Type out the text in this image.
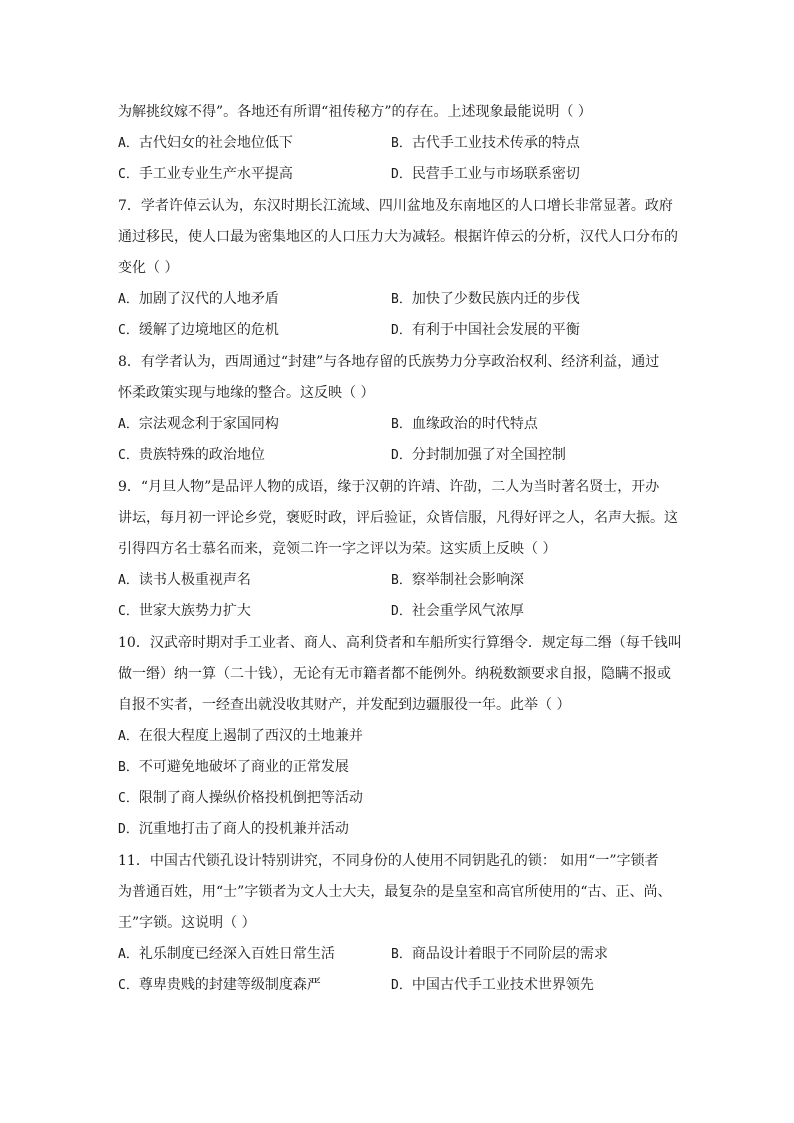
为解挑纹嫁不得”。各地还有所谓“祖传秘方”的存在。上述现象最能说明（ ）
A．古代妇女的社会地位低下	B．古代手工业技术传承的特点
C．手工业专业生产水平提高	D．民营手工业与市场联系密切
7．学者许倬云认为，东汉时期长江流域、四川盆地及东南地区的人口增长非常显著。政府
通过移民，使人口最为密集地区的人口压力大为减轻。根据许倬云的分析，汉代人口分布的
变化（ ）
A．加剧了汉代的人地矛盾	B．加快了少数民族内迁的步伐
C．缓解了边境地区的危机	D．有利于中国社会发展的平衡
8．有学者认为，西周通过“封建”与各地存留的氏族势力分享政治权利、经济利益，通过
怀柔政策实现与地缘的整合。这反映（ ）
A．宗法观念利于家国同构	B．血缘政治的时代特点
C．贵族特殊的政治地位	D．分封制加强了对全国控制
9．“月旦人物”是品评人物的成语，缘于汉朝的许靖、许劭，二人为当时著名贤士，开办
讲坛，每月初一评论乡党，褒贬时政，评后验证，众皆信服，凡得好评之人，名声大振。这
引得四方名士慕名而来，竞领二许一字之评以为荣。这实质上反映（ ）
A．读书人极重视声名	B．察举制社会影响深
C．世家大族势力扩大	D．社会重学风气浓厚
10．汉武帝时期对手工业者、商人、高利贷者和车船所实行算缗令．规定每二缗（每千钱叫
做一缗）纳一算（二十钱），无论有无市籍者都不能例外。纳税数额要求自报，隐瞒不报或
自报不实者，一经查出就没收其财产，并发配到边疆服役一年。此举（ ）
A．在很大程度上遏制了西汉的土地兼并
B．不可避免地破坏了商业的正常发展
C．限制了商人操纵价格投机倒把等活动
D．沉重地打击了商人的投机兼并活动
11．中国古代锁孔设计特别讲究，不同身份的人使用不同钥匙孔的锁： 如用“一”字锁者
为普通百姓，用“士”字锁者为文人士大夫，最复杂的是皇室和高官所使用的“古、正、尚、
王”字锁。这说明（ ）
A．礼乐制度已经深入百姓日常生活	B．商品设计着眼于不同阶层的需求
C．尊卑贵贱的封建等级制度森严	D．中国古代手工业技术世界领先
